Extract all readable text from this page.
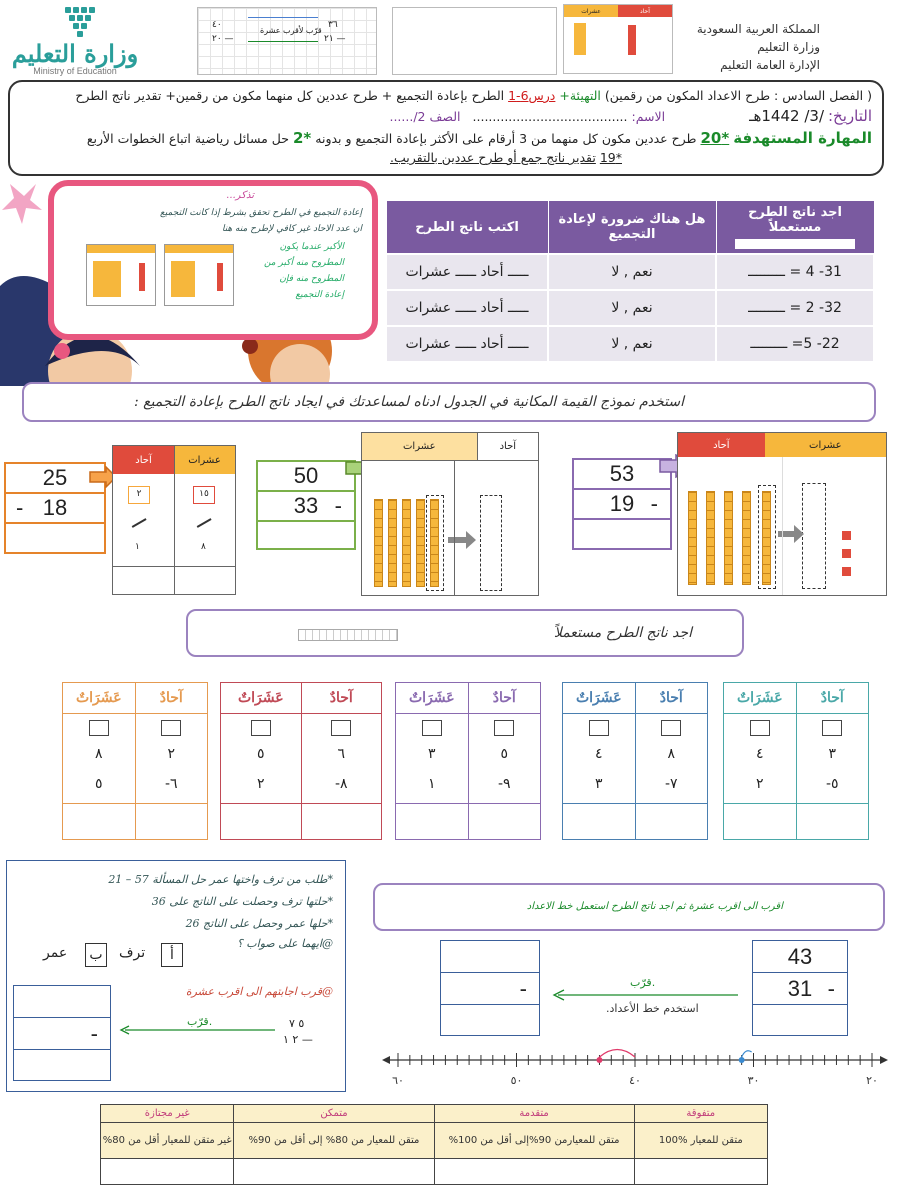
المملكة العربية السعودية
وزارة التعليم
الإدارة العامة التعليم
وزارة التعليم
Ministry of Education
٤٠	٣٦
٢٠ —	٢١ —
قرّب لأقرب عشرة
عشرات	آحاد
( الفصل السادس : طرح الاعداد المكون من رقمين) التهيئة+ درس6-1 الطرح بإعادة التجميع + طرح عددين كل منهما مكون من رقمين+ تقدير ناتج الطرح
التاريخ: /3/ 1442هـ الاسم: ....................................... الصف 2/......
المهارة المستهدفة *20 طرح عددين مكون كل منهما من 3 أرقام على الأكثر بإعادة التجميع و بدونه *2 حل مسائل رياضية اتباع الخطوات الأربع
*19 تقدير ناتج جمع أو طرح عددين بالتقريب.
تذكر...
إعادة التجميع في الطرح تحقق بشرط إذا كانت التجميع
ان عدد الاحاد غير كافي لإطرح منه هنا
الأكبر عندما يكون
المطروح منه أكبر من
المطروح منه فإن
إعادة التجميع
اجد ناتج الطرح مستعملاً	هل هناك ضرورة لإعادة التجميع	اكتب ناتج الطرح
31- 4 = ـــــــــ	نعم , لا	ـــــ أحاد ـــــ عشرات
32- 2 = ـــــــــ	نعم , لا	ـــــ أحاد ـــــ عشرات
22- 5= ـــــــــ	نعم , لا	ـــــ أحاد ـــــ عشرات
استخدم نموذج القيمة المكانية في الجدول ادناه لمساعدتك في ايجاد ناتج الطرح بإعادة التجميع :
25
18
-
آحاد	عشرات
٢	١٥
١	٨
50
33 -
عشرات	آحاد
53
19 -
آحاد	عشرات
اجد ناتج الطرح مستعملاً
آحادٌ
عَشَرَاتٌ
٣
٥-
٤
٢
آحادٌ
عَشَرَاتٌ
٨
٧-
٤
٣
آحادٌ
عَشَرَاتٌ
٥
٩-
٣
١
آحادٌ
عَشَرَاتٌ
٦
٨-
٥
٢
آحادٌ
عَشَرَاتٌ
٢
٦-
٨
٥
*طلب من ترف واختها عمر حل المسألة 57 – 21
*حلتها ترف وحصلت على الناتج على 36
*حلها عمر وحصل على الناتج 26
@ايهما على صواب ؟
أ
ترف
ب
عمر
@قرب اجابتهم الى اقرب عشرة
-	٥ ٧
٢ ١ —
قرّب.
اقرب الى اقرب عشرة ثم اجد ناتج الطرح استعمل خط الاعداد
43
31 -
-	قرّب.
استخدم خط الأعداد.
٢٠
٣٠
٤٠
٥٠
٦٠
متفوقة	متقدمة	متمكن	غير مجتازة
متقن للمعيار %100	متقن للمعيارمن 90%إلى أقل من 100%	متقن للمعيار من 80% إلى أقل من 90%	غير متقن للمعيار أقل من 80%
